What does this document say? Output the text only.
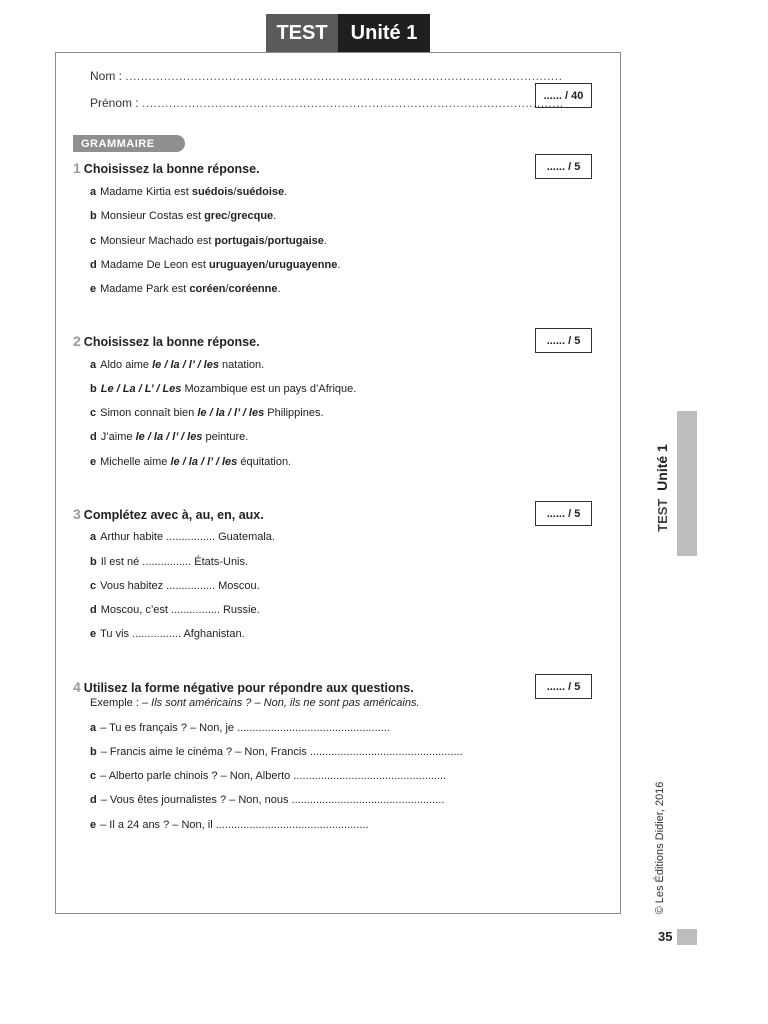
TEST	Unité 1
Nom : ..................................................................................................................
Prénom : ..............................................................................................................
...... / 40
GRAMMAIRE
1 Choisissez la bonne réponse.	...... / 5
a Madame Kirtia est suédois/suédoise.
b Monsieur Costas est grec/grecque.
c Monsieur Machado est portugais/portugaise.
d Madame De Leon est uruguayen/uruguayenne.
e Madame Park est coréen/coréenne.
2 Choisissez la bonne réponse.	...... / 5
a Aldo aime le / la / l’ / les natation.
b Le / La / L’ / Les Mozambique est un pays d’Afrique.
c Simon connaît bien le / la / l’ / les Philippines.
d J’aime le / la / l’ / les peinture.
e Michelle aime le / la / l’ / les équitation.
3 Complétez avec à, au, en, aux.	...... / 5
a Arthur habite ................ Guatemala.
b Il est né ................ États-Unis.
c Vous habitez ................ Moscou.
d Moscou, c’est ................ Russie.
e Tu vis ................ Afghanistan.
4 Utilisez la forme négative pour répondre aux questions.	...... / 5
Exemple : – Ils sont américains ? – Non, ils ne sont pas américains.
a – Tu es français ? – Non, je ..................................................
b – Francis aime le cinéma ? – Non, Francis ..................................................
c – Alberto parle chinois ? – Non, Alberto ..................................................
d – Vous êtes journalistes ? – Non, nous ..................................................
e – Il a 24 ans ? – Non, il ..................................................
TEST  Unité 1
© Les Éditions Didier, 2016
35
